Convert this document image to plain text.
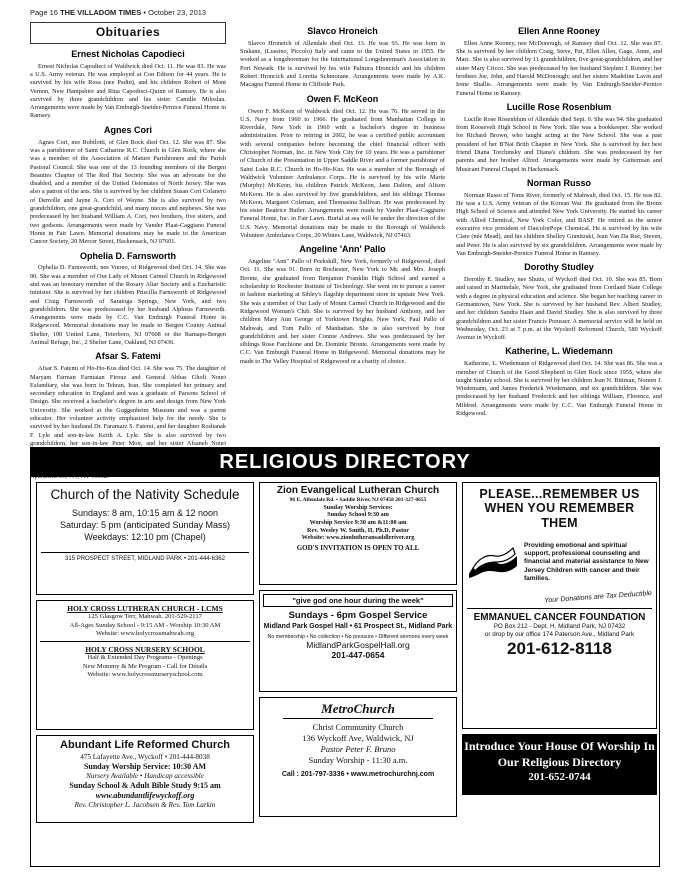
Page 16 THE VILLADOM TIMES • October 23, 2013
Obituaries
Ernest Nicholas Capodieci

Ernest Nicholas Capodieci of Waldwick died Oct. 11. He was 83. He was a U.S. Army veteran. He was employed at Con Edison for 44 years. He is survived by his wife Rosa (nee Padin), and his children Robert of Mont Vernon, New Hampshire and Rina Capodieci-Quinn of Ramsey. He is also survived by three grandchildren and his sister Camille Miloslau. Arrangements were made by Van Emburgh-Sneider-Pernice Funeral Home in Ramsey.

Agnes Cori

Agnes Cori, nee Robilotti, of Glen Rock died Oct. 12. She was 87. She was a parishioner of Saint Catharine R.C. Church in Glen Rock, where she was a member of the Association of Mature Parishioners and the Parish Pastoral Council. She was one of the 13 founding members of the Bergen Beauties Chapter of The Red Hat Society. She was an advocate for the disabled, and a member of the United Ostomates of North Jersey. She was also a patron of the arts. She is survived by her children Susan Cori Colanero of Denville and Jayne A. Cori of Wayne. She is also survived by two grandchildren, one great-grandchild, and many nieces and nephews. She was predeceased by her husband William A. Cori, two brothers, five sisters, and two godsons. Arrangements were made by Vander Plaat-Caggiano Funeral Home in Fair Lawn. Memorial donations may be made to the American Cancer Society, 20 Mercer Street, Hackensack, NJ 07601.

Ophelia D. Farnsworth

Ophelia D. Farnsworth, nee Vuono, of Ridgewood died Oct. 14. She was 90. She was a member of Our Lady of Mount Carmel Church in Ridgewood and was an honorary member of the Rosary Altar Society and a Eucharistic minister. She is survived by her children Priscilla Farnsworth of Ridgewood and Craig Farnsworth of Saratoga Springs, New York, and two grandchildren. She was predeceased by her husband Alpheus Farnsworth. Arrangements were made by C.C. Van Emburgh Funeral Home in Ridgewood. Memorial donations may be made to Bergen County Animal Shelter, 100 United Lane, Teterboro, NJ 07608 or the Ramapo-Bergen Animal Refuge, Inc., 2 Shelter Lane, Oakland, NJ 07436.

Afsar S. Fatemi

Afsar S. Fatemi of Ho-Ho-Kus died Oct. 14. She was 75. The daughter of Maryam Farman Farmaian Firouz and General Abbas Gholi Nouri Esfandiary, she was born in Tehran, Iran. She completed her primary and secondary education in England and was a graduate of Parsons School of Design. She received a bachelor's degree in arts and design from New York University. She worked at the Guggenheim Museum and was a parent educator. Her volunteer activity emphasized help for the needy. She is survived by her husband Dr. Faramarz S. Fatemi, and her daughter Roshanak F. Lyle and son-in-law Keith A. Lyle. She is also survived by two grandchildren, her son-in-law Peter Moir, and her sister Afsaneh Nouri

Slavco Hroneich

Slavco Hroneich of Allendale died Oct. 13. He was 93. He was born in Srakane, (Lussino, Piccolo) Italy and came to the United States in 1955. He worked as a longshoreman for the International Longshoreman's Association in Port Newark. He is survived by his wife Palmira Hroncich and his children Robert Hroncich and Loretta Schmorane. Arrangements were made by A.K. Macagna Funeral Home in Cliffside Park.

Owen F. McKeon

Owen F. McKeon of Waldwick died Oct. 12. He was 76. He served in the U.S. Navy from 1960 to 1966. He graduated from Manhattan College in Riverdale, New York in 1960 with a bachelor's degree in business administration. Prior to retiring in 2002, he was a certified public accountant with several companies before becoming the chief financial officer with Christopher Norman, Inc. in New York City for 10 years. He was a parishioner of Church of the Presentation in Upper Saddle River and a former parishioner of Saint Luke R.C. Church in Ho-Ho-Kus. He was a member of the Borough of Waldwick Volunteer Ambulance Corps. He is survived by his wife Marie (Murphy) McKeon, his children Patrick McKeon, Jane Dalton, and Alison McKeon. He is also survived by five grandchildren, and his siblings Thomas McKeon, Margaret Coleman, and Thomasina Sullivan. He was predeceased by his sister Beatrice Butler. Arrangements were made by Vander Plaat-Caggiano Funeral Home, Inc. in Fair Lawn. Burial at sea will be under the direction of the U.S. Navy. Memorial donations may be made to the Borough of Waldwick Volunteer Ambulance Corps, 20 Whites Lane, Waldwick, NJ 07463.

Angeline 'Ann' Pallo

Angeline "Ann" Pallo of Peekskill, New York, formerly of Ridgewood, died Oct. 11. She was 91. Born in Rochester, New York to Mr. and Mrs. Joseph Bronte, she graduated from Benjamin Franklin High School and earned a scholarship to Rochester Institute of Technology. She went on to pursue a career in fashion marketing at Sibley's flagship department store in upstate New York. She was a member of Our Lady of Mount Carmel Church in Ridgewood and the Ridgewood Woman's Club. She is survived by her husband Anthony, and her children Mary Ann George of Yorktown Heights, New York, Paul Pallo of Mahwah, and Tom Pallo of Manhattan. She is also survived by four grandchildren and her sister Connie Andrews. She was predeceased by her siblings Rose Farchione and Dr. Dominic Bronte. Arrangements were made by C.C. Van Emburgh Funeral Home in Ridgewood. Memorial donations may be made to The Valley Hospital of Ridgewood or a charity of choice.

Ellen Anne Rooney

Ellen Anne Rooney, nee McDonough, of Ramsey died Oct. 12. She was 87. She is survived by her children Craig, Steve, Pat, Ellen Allen, Gage, Anne, and Marc. She is also survived by 11 grandchildren, five great-grandchildren, and her sister Mary Cricco. She was predeceased by her husband Stephen J. Rooney; her brothers Joe, John, and Harold McDonough; and her sisters Madeline Lavin and Irene Shallis. Arrangements were made by Van Emburgh-Sneider-Pernice Funeral Home in Ramsey.

Lucille Rose Rosenblum

Lucille Rose Rosenblum of Allendale died Sept. 6. She was 94. She graduated from Roosevelt High School in New York. She was a bookkeeper. She worked for Richard Brown, who taught acting at the New School. She was a past president of her B'Nai Brith Chapter in New York. She is survived by her best friend Diana Torchinsky and Diana's children. She was predeceased by her parents and her brother Alfred. Arrangements were made by Gutterman and Musicant Funeral Chapel in Hackensack.

Norman Russo

Norman Russo of Toms River, formerly of Mahwah, died Oct. 15. He was 82. He was a U.S. Army veteran of the Korean War. He graduated from the Bronx High School of Science and attended New York University. He started his career with Allied Chemical, New York Color, and BASF. He retired as the senior executive vice president of DaicolorPope Chemical. He is survived by his wife Clare (née Mead), and his children Shelley Granitzski, Jean Van Da Ree, Steven, and Peter. He is also survived by six grandchildren. Arrangements were made by Van Emburgh-Sneider-Pernice Funeral Home in Ramsey.

Dorothy Studley

Dorothy E. Studley, nee Shutts, of Wyckoff died Oct. 10. She was 85. Born and raised in Martindale, New York, she graduated from Cortland State College with a degree in physical education and science. She began her teaching career in Germantown, New York. She is survived by her husband Rev. Albert Studley, and her children Sandra Haan and David Studley. She is also survived by three grandchildren and her sister Francis Preusser. A memorial service will be held on Wednesday, Oct. 23 at 7 p.m. at the Wyckoff Reformed Church, 580 Wyckoff Avenue in Wyckoff.

Katherine, L. Wiedemann

Katherine, L. Wiedemann of Ridgewood died Oct. 14. She was 86. She was a member of Church of the Good Shepherd in Glen Rock since 1955, where she taught Sunday school. She is survived by her children Jean N. Bittman, Noreen J. Wiedemann, and James Frederick Wiedemann, and six grandchildren. She was predeceased by her husband Frederick and her siblings William, Florence, and Mildred. Arrangements were made by C.C. Van Emburgh Funeral Home in Ridgewood.

RELIGIOUS DIRECTORY
Church of the Nativity Schedule
Sundays: 8 am, 10:15 am & 12 noon
Saturday: 5 pm (anticipated Sunday Mass)
Weekdays: 12:10 pm (Chapel)
315 PROSPECT STREET, MIDLAND PARK • 201-444-6362
HOLY CROSS LUTHERAN CHURCH - LCMS
125 Glasgow Terr, Mahwah. 201-529-2117
All-Ages Sunday School - 9:15 AM - Worship 10:30 AM
Website: www.holycrossmahwah.org
HOLY CROSS NURSERY SCHOOL
Half & Extended Day Programs - Openings
New Mommy & Me Program - Call for Details
Website: www.holycrossnurseryschool.com
Abundant Life Reformed Church
475 Lafayette Ave., Wyckoff • 201-444-8038
Sunday Worship Service: 10:30 AM
Nursery Available • Handicap accessible
Sunday School & Adult Bible Study 9:15 am
www.abundantlifewyckoff.org
Rev. Christopher L. Jacobsen & Rev. Tom Larkin
Zion Evangelical Lutheran Church
96 E. Allendale Rd. • Saddle River, NJ 07458 201-327-0655
Sunday Worship Services:
Sunday School 9:30 am
Worship Service 9:30 am &11:00 am
Rev. Wesley W. Smith, II, Ph.D, Pastor
Website: www.zionlutheransaddleriver.org
GOD'S INVITATION IS OPEN TO ALL
"give god one hour during the week"
Sundays - 6pm Gospel Service
Midland Park Gospel Hall • 61 Prospect St., Midland Park
No membership • No collection • No pressure • Different sermons every week
MidlandParkGospelHall.org
201-447-0654
MetroChurch
Christ Community Church
136 Wyckoff Ave, Waldwick, NJ
Pastor Peter F. Bruno
Sunday Worship - 11:30 a.m.
Call : 201-797-3336 • www.metrochurchnj.com
PLEASE...REMEMBER US
WHEN YOU REMEMBER THEM
Providing emotional and spiritual support, professional counseling and financial and material assistance to New Jersey Children with cancer and their families.
Your Donations are Tax Deductible
EMMANUEL CANCER FOUNDATION
PO Box 212 - Dept. H, Midland Park, NJ 07432
or drop by our office 174 Paterson Ave., Midland Park
201-612-8118
Introduce Your House Of Worship In
Our Religious Directory
201-652-0744
